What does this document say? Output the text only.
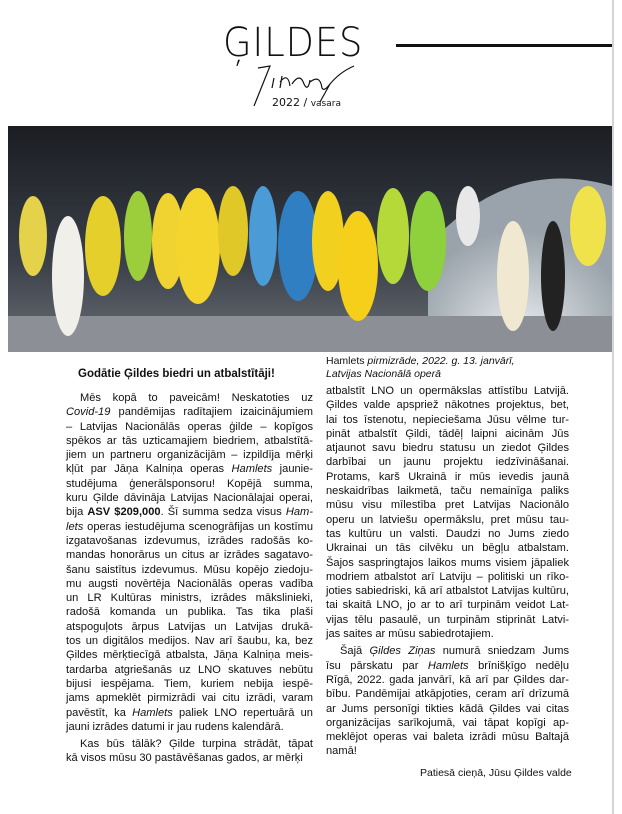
ĢILDES
2022 / vasara
Hamlets pirmizrāde, 2022. g. 13. janvārī,
Latvijas Nacionālā operā
Godātie Ģildes biedri un atbalstītāji!
Mēs kopā to paveicām! Neskatoties uz
Covid-19 pandēmijas radītajiem izaicinājumiem
– Latvijas Nacionālās operas ģilde – kopīgos
spēkos ar tās uzticamajiem biedriem, atbalstītā-
jiem un partneru organizācijām – izpildīja mērķi
kļūt par Jāņa Kalniņa operas Hamlets jaunie-
studējuma ģenerālsponsoru! Kopējā summa,
kuru Ģilde dāvināja Latvijas Nacionālajai operai,
bija ASV $209,000. Šī summa sedza visus Ham-
lets operas iestudējuma scenogrāfijas un kostīmu
izgatavošanas izdevumus, izrādes radošās ko-
mandas honorārus un citus ar izrādes sagatavo-
šanu saistītus izdevumus. Mūsu kopējo ziedoju-
mu augsti novērtēja Nacionālās operas vadība
un LR Kultūras ministrs, izrādes mākslinieki,
radošā komanda un publika. Tas tika plaši
atspoguļots ārpus Latvijas un Latvijas drukā-
tos un digitālos medijos. Nav arī šaubu, ka, bez
Ģildes mērķtiecīgā atbalsta, Jāņa Kalniņa meis-
tardarba atgriešanās uz LNO skatuves nebūtu
bijusi iespējama. Tiem, kuriem nebija iespē-
jams apmeklēt pirmizrādi vai citu izrādi, varam
pavēstīt, ka Hamlets paliek LNO repertuārā un
jauni izrādes datumi ir jau rudens kalendārā.
Kas būs tālāk? Ģilde turpina strādāt, tāpat
kā visos mūsu 30 pastāvēšanas gados, ar mērķi
atbalstīt LNO un opermākslas attīstību Latvijā.
Ģildes valde apspriež nākotnes projektus, bet,
lai tos īstenotu, nepieciešama Jūsu vēlme tur-
pināt atbalstīt Ģildi, tādēļ laipni aicinām Jūs
atjaunot savu biedru statusu un ziedot Ģildes
darbībai un jaunu projektu iedzīvināšanai.
Protams, karš Ukrainā ir mūs ievedis jaunā
neskaidrības laikmetā, taču nemainīga paliks
mūsu visu mīlestība pret Latvijas Nacionālo
operu un latviešu opermākslu, pret mūsu tau-
tas kultūru un valsti. Daudzi no Jums ziedo
Ukrainai un tās cilvēku un bēgļu atbalstam.
Šajos saspringtajos laikos mums visiem jāpaliek
modriem atbalstot arī Latviju – politiski un rīko-
joties sabiedriski, kā arī atbalstot Latvijas kultūru,
tai skaitā LNO, jo ar to arī turpinām veidot Lat-
vijas tēlu pasaulē, un turpinām stiprināt Latvi-
jas saites ar mūsu sabiedrotajiem.
Šajā Ģildes Ziņas numurā sniedzam Jums
īsu pārskatu par Hamlets brīnišķīgo nedēļu
Rīgā, 2022. gada janvārī, kā arī par Ģildes dar-
bību. Pandēmijai atkāpjoties, ceram arī drīzumā
ar Jums personīgi tikties kādā Ģildes vai citas
organizācijas sarīkojumā, vai tāpat kopīgi ap-
meklējot operas vai baleta izrādi mūsu Baltajā
namā!
Patiesā cieņā, Jūsu Ģildes valde
